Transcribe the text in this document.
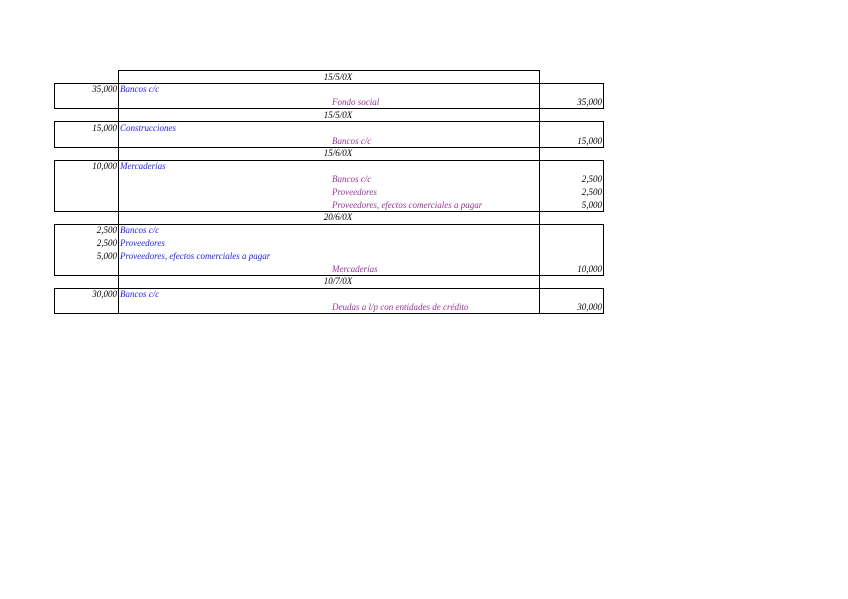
15/5/0X
35,000 Bancos c/c
Fondo social	35,000
15/5/0X
15,000 Construcciones
Bancos c/c	15,000
15/6/0X
10,000 Mercaderías
Bancos c/c	2,500
Proveedores	2,500
Proveedores, efectos comerciales a pagar	5,000
20/6/0X
2,500 Bancos c/c
2,500 Proveedores
5,000 Proveedores, efectos comerciales a pagar
Mercaderías	10,000
10/7/0X
30,000 Bancos c/c
Deudas a l/p con entidades de crédito	30,000
